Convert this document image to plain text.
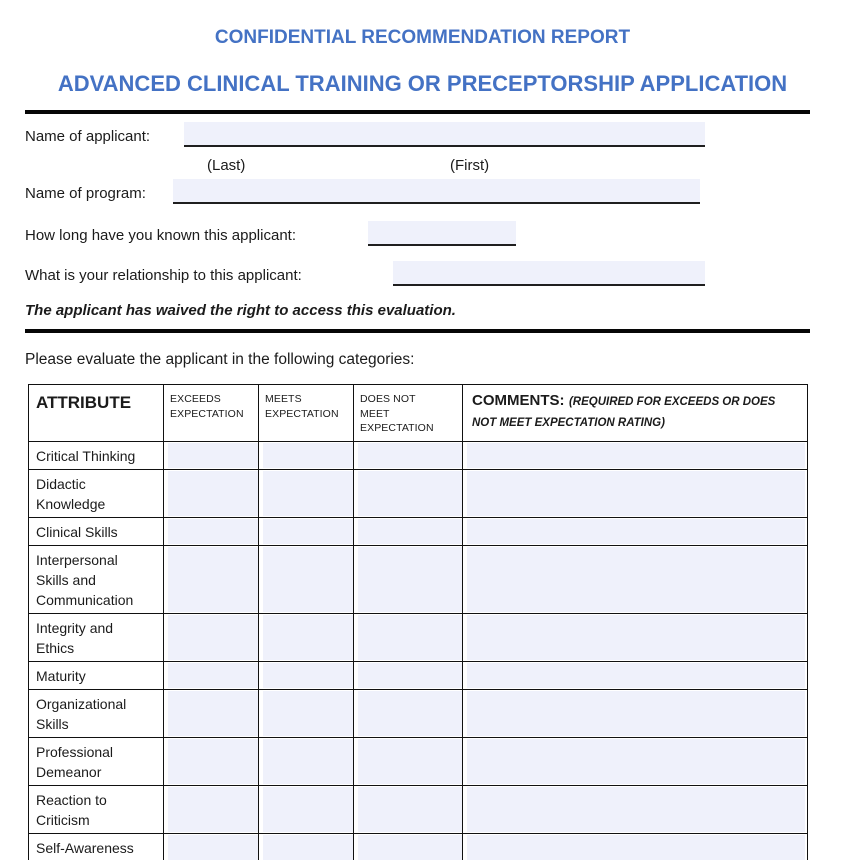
CONFIDENTIAL RECOMMENDATION REPORT
ADVANCED CLINICAL TRAINING OR PRECEPTORSHIP APPLICATION
Name of applicant:
(Last)	(First)
Name of program:
How long have you known this applicant:
What is your relationship to this applicant:
The applicant has waived the right to access this evaluation.
Please evaluate the applicant in the following categories:
ATTRIBUTE	EXCEEDS
EXPECTATION
MEETS
EXPECTATION
DOES NOT
MEET
EXPECTATION
COMMENTS: (REQUIRED FOR EXCEEDS OR DOES NOT MEET EXPECTATION RATING)
Critical Thinking
Didactic
Knowledge
Clinical Skills
Interpersonal
Skills and
Communication
Integrity and
Ethics
Maturity
Organizational
Skills
Professional
Demeanor
Reaction to
Criticism
Self-Awareness
